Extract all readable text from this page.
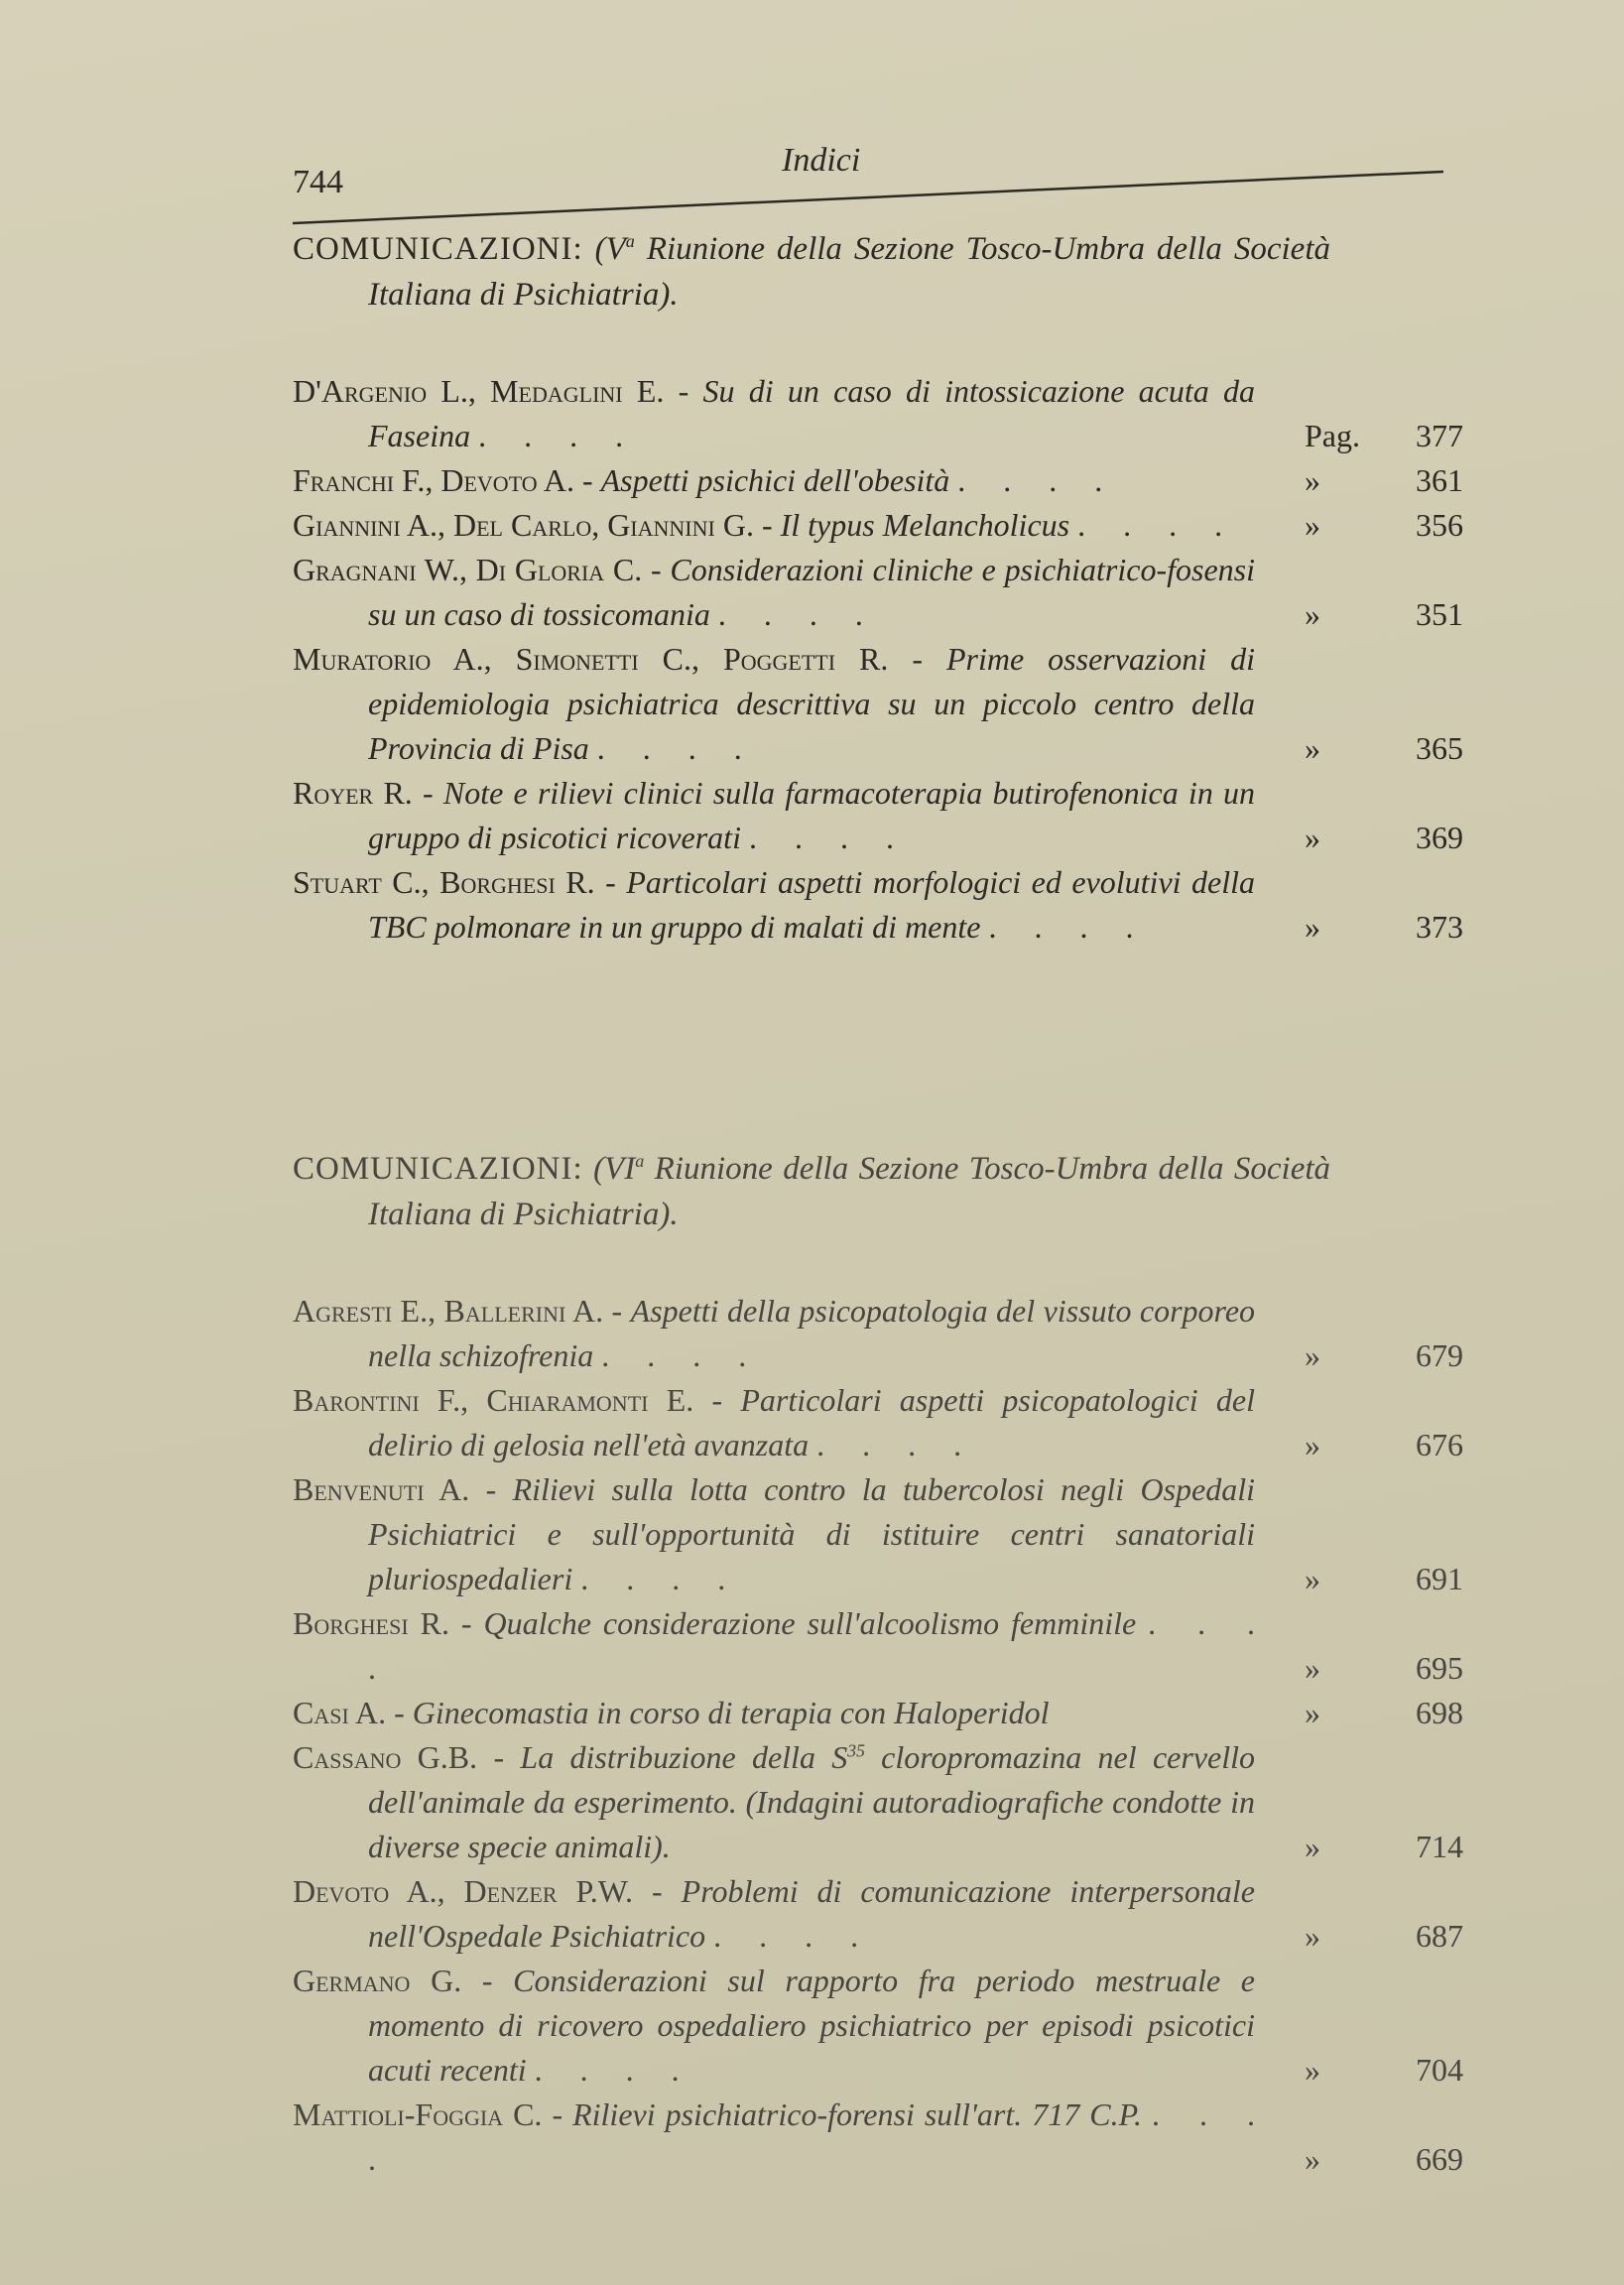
744
Indici
COMUNICAZIONI: ($V^a$ Riunione della Sezione Tosco-Umbra della Società Italiana di Psichiatria).
D'Argenio L., Medaglini E. - Su di un caso di intossicazione acuta da Faseina . . . .	Pag.	377
Franchi F., Devoto A. - Aspetti psichici dell'obesità . . . .	»	361
Giannini A., Del Carlo, Giannini G. - Il typus Melancholicus . . . .	»	356
Gragnani W., Di Gloria C. - Considerazioni cliniche e psichiatrico-fosensi su un caso di tossicomania . . . .	»	351
Muratorio A., Simonetti C., Poggetti R. - Prime osservazioni di epidemiologia psichiatrica descrittiva su un piccolo centro della Provincia di Pisa . . . .	»	365
Royer R. - Note e rilievi clinici sulla farmacoterapia butirofenonica in un gruppo di psicotici ricoverati . . . .	»	369
Stuart C., Borghesi R. - Particolari aspetti morfologici ed evolutivi della TBC polmonare in un gruppo di malati di mente . . . .	»	373
COMUNICAZIONI: ($VI^a$ Riunione della Sezione Tosco-Umbra della Società Italiana di Psichiatria).
Agresti E., Ballerini A. - Aspetti della psicopatologia del vissuto corporeo nella schizofrenia . . . .	»	679
Barontini F., Chiaramonti E. - Particolari aspetti psicopatologici del delirio di gelosia nell'età avanzata . . . .	»	676
Benvenuti A. - Rilievi sulla lotta contro la tubercolosi negli Ospedali Psichiatrici e sull'opportunità di istituire centri sanatoriali pluriospedalieri . . . .	»	691
Borghesi R. - Qualche considerazione sull'alcoolismo femminile . . . .	»	695
Casi A. - Ginecomastia in corso di terapia con Haloperidol	»	698
Cassano G.B. - La distribuzione della $S^{35}$ cloropromazina nel cervello dell'animale da esperimento. (Indagini autoradiografiche condotte in diverse specie animali).	»	714
Devoto A., Denzer P.W. - Problemi di comunicazione interpersonale nell'Ospedale Psichiatrico . . . .	»	687
Germano G. - Considerazioni sul rapporto fra periodo mestruale e momento di ricovero ospedaliero psichiatrico per episodi psicotici acuti recenti . . . .	»	704
Mattioli-Foggia C. - Rilievi psichiatrico-forensi sull'art. 717 C.P. . . . .	»	669
